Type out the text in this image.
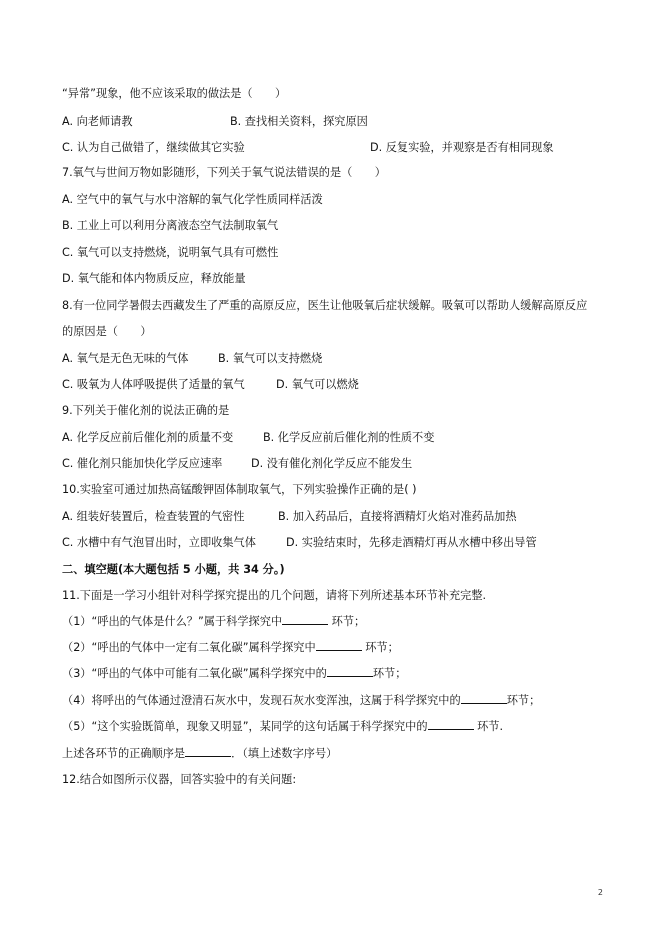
“异常”现象，他不应该采取的做法是（　　）
A. 向老师请教	B. 查找相关资料，探究原因
C. 认为自己做错了，继续做其它实验	D. 反复实验，并观察是否有相同现象
7.氧气与世间万物如影随形，下列关于氧气说法错误的是（　　）
A. 空气中的氧气与水中溶解的氧气化学性质同样活泼
B. 工业上可以利用分离液态空气法制取氧气
C. 氧气可以支持燃烧，说明氧气具有可燃性
D. 氧气能和体内物质反应，释放能量
8.有一位同学暑假去西藏发生了严重的高原反应，医生让他吸氧后症状缓解。吸氧可以帮助人缓解高原反应
的原因是（　　）
A. 氧气是无色无味的气体	B. 氧气可以支持燃烧
C. 吸氧为人体呼吸提供了适量的氧气	D. 氧气可以燃烧
9.下列关于催化剂的说法正确的是
A. 化学反应前后催化剂的质量不变	B. 化学反应前后催化剂的性质不变
C. 催化剂只能加快化学反应速率	D. 没有催化剂化学反应不能发生
10.实验室可通过加热高锰酸钾固体制取氧气，下列实验操作正确的是( )
A. 组装好装置后，检查装置的气密性	B. 加入药品后，直接将酒精灯火焰对准药品加热
C. 水槽中有气泡冒出时，立即收集气体	D. 实验结束时，先移走酒精灯再从水槽中移出导管
二、填空题(本大题包括 5 小题，共 34 分。)
11.下面是一学习小组针对科学探究提出的几个问题，请将下列所述基本环节补充完整.
（1）“呼出的气体是什么？”属于科学探究中	环节；
（2）“呼出的气体中一定有二氧化碳”属科学探究中	环节；
（3）“呼出的气体中可能有二氧化碳”属科学探究中的	环节；
（4）将呼出的气体通过澄清石灰水中，发现石灰水变浑浊，这属于科学探究中的	环节；
（5）“这个实验既简单，现象又明显”，某同学的这句话属于科学探究中的	环节.
上述各环节的正确顺序是	．（填上述数字序号）
12.结合如图所示仪器，回答实验中的有关问题:
2
